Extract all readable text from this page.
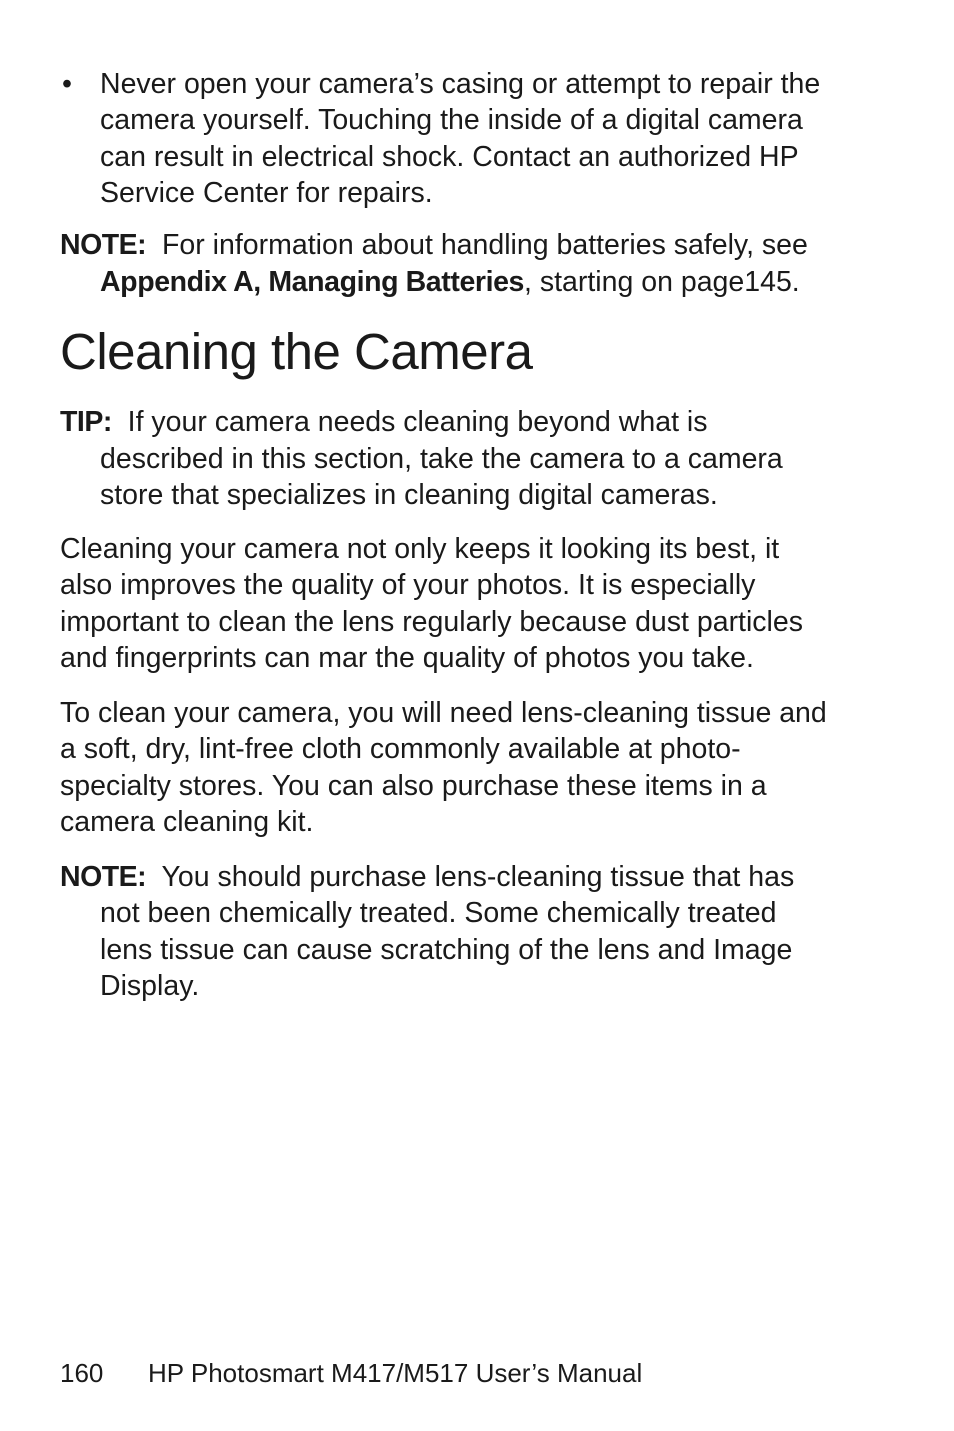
• Never open your camera’s casing or attempt to repair the camera yourself. Touching the inside of a digital camera can result in electrical shock. Contact an authorized HP Service Center for repairs.
NOTE: For information about handling batteries safely, see Appendix A, Managing Batteries, starting on page145.
Cleaning the Camera
TIP: If your camera needs cleaning beyond what is described in this section, take the camera to a camera store that specializes in cleaning digital cameras.

Cleaning your camera not only keeps it looking its best, it also improves the quality of your photos. It is especially important to clean the lens regularly because dust particles and fingerprints can mar the quality of photos you take.

To clean your camera, you will need lens-cleaning tissue and a soft, dry, lint-free cloth commonly available at photo-specialty stores. You can also purchase these items in a camera cleaning kit.

NOTE: You should purchase lens-cleaning tissue that has not been chemically treated. Some chemically treated lens tissue can cause scratching of the lens and Image Display.
160 HP Photosmart M417/M517 User’s Manual
